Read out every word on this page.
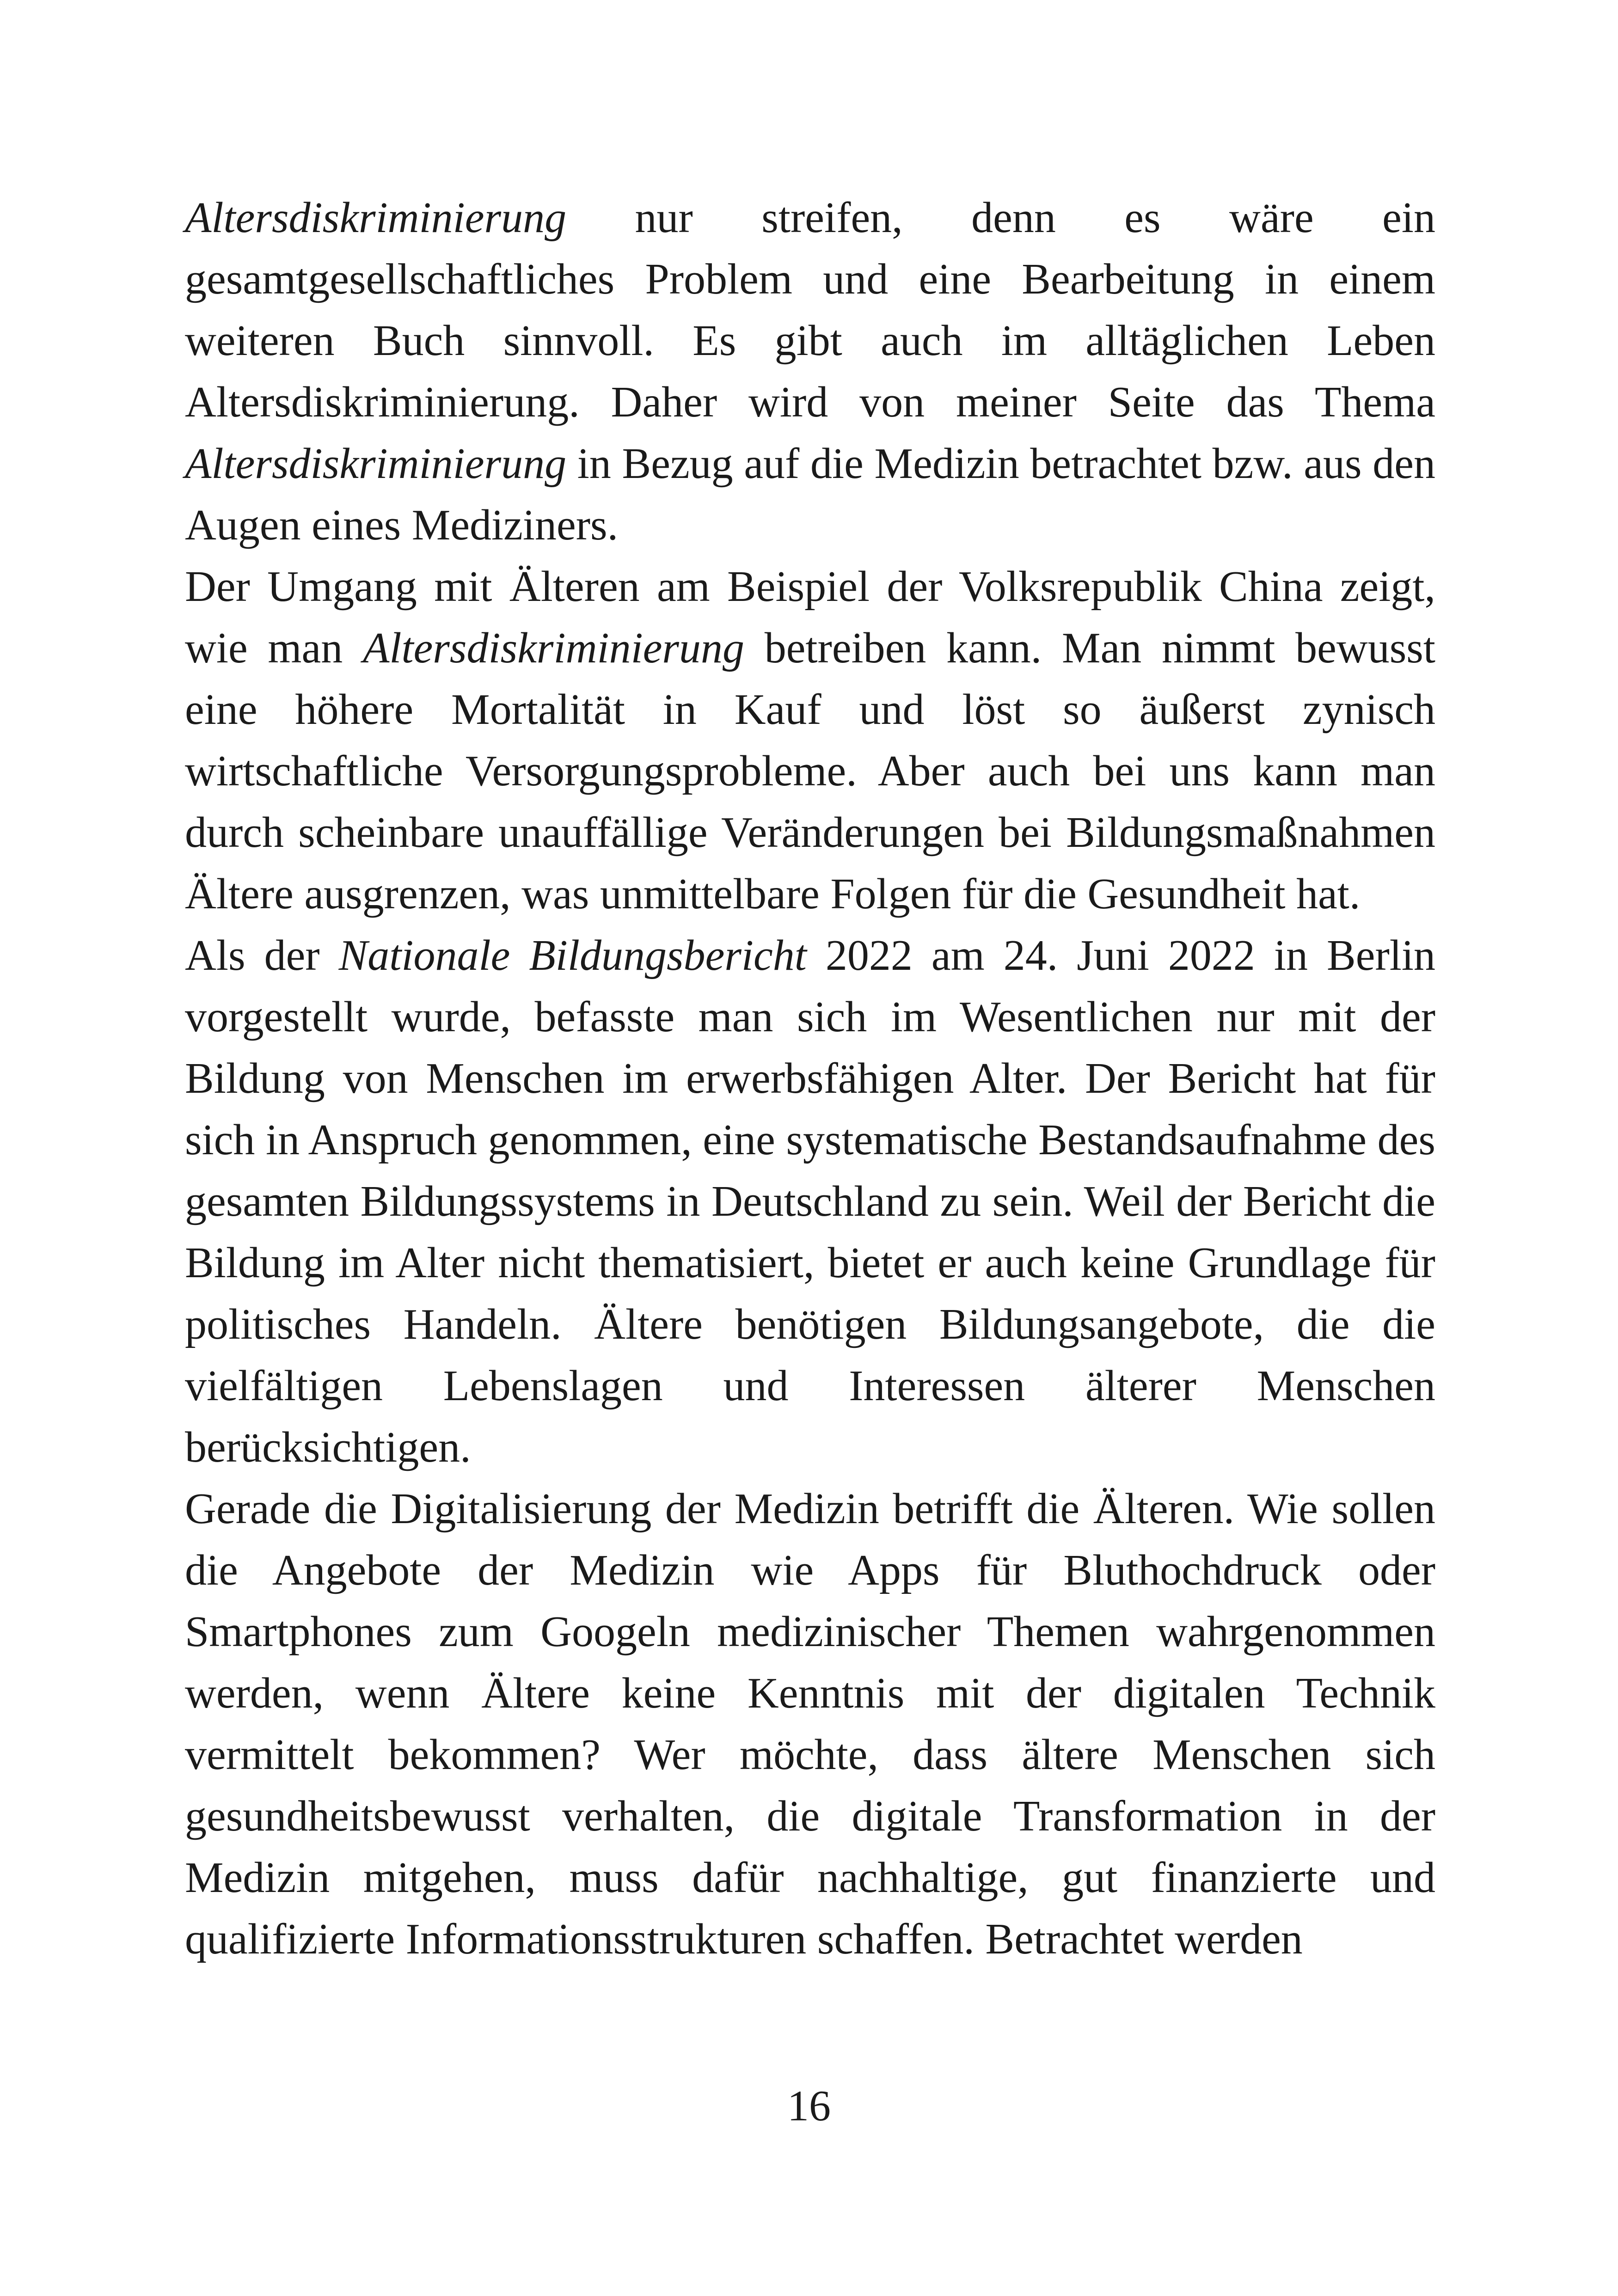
Altersdiskriminierung nur streifen, denn es wäre ein gesamtgesellschaftliches Problem und eine Bearbeitung in einem weiteren Buch sinnvoll. Es gibt auch im alltäglichen Leben Altersdiskriminierung. Daher wird von meiner Seite das Thema Altersdiskriminierung in Bezug auf die Medizin betrachtet bzw. aus den Augen eines Mediziners.

Der Umgang mit Älteren am Beispiel der Volksrepublik China zeigt, wie man Altersdiskriminierung betreiben kann. Man nimmt bewusst eine höhere Mortalität in Kauf und löst so äußerst zynisch wirtschaftliche Versorgungsprobleme. Aber auch bei uns kann man durch scheinbare unauffällige Veränderungen bei Bildungsmaßnahmen Ältere ausgrenzen, was unmittelbare Folgen für die Gesundheit hat.

Als der Nationale Bildungsbericht 2022 am 24. Juni 2022 in Berlin vorgestellt wurde, befasste man sich im Wesentlichen nur mit der Bildung von Menschen im erwerbsfähigen Alter. Der Bericht hat für sich in Anspruch genommen, eine systematische Bestandsaufnahme des gesamten Bildungssystems in Deutschland zu sein. Weil der Bericht die Bildung im Alter nicht thematisiert, bietet er auch keine Grundlage für politisches Handeln. Ältere benötigen Bildungsangebote, die die vielfältigen Lebenslagen und Interessen älterer Menschen berücksichtigen.

Gerade die Digitalisierung der Medizin betrifft die Älteren. Wie sollen die Angebote der Medizin wie Apps für Bluthochdruck oder Smartphones zum Googeln medizinischer Themen wahrgenommen werden, wenn Ältere keine Kenntnis mit der digitalen Technik vermittelt bekommen? Wer möchte, dass ältere Menschen sich gesundheitsbewusst verhalten, die digitale Transformation in der Medizin mitgehen, muss dafür nachhaltige, gut finanzierte und qualifizierte Informationsstrukturen schaffen. Betrachtet werden

16
